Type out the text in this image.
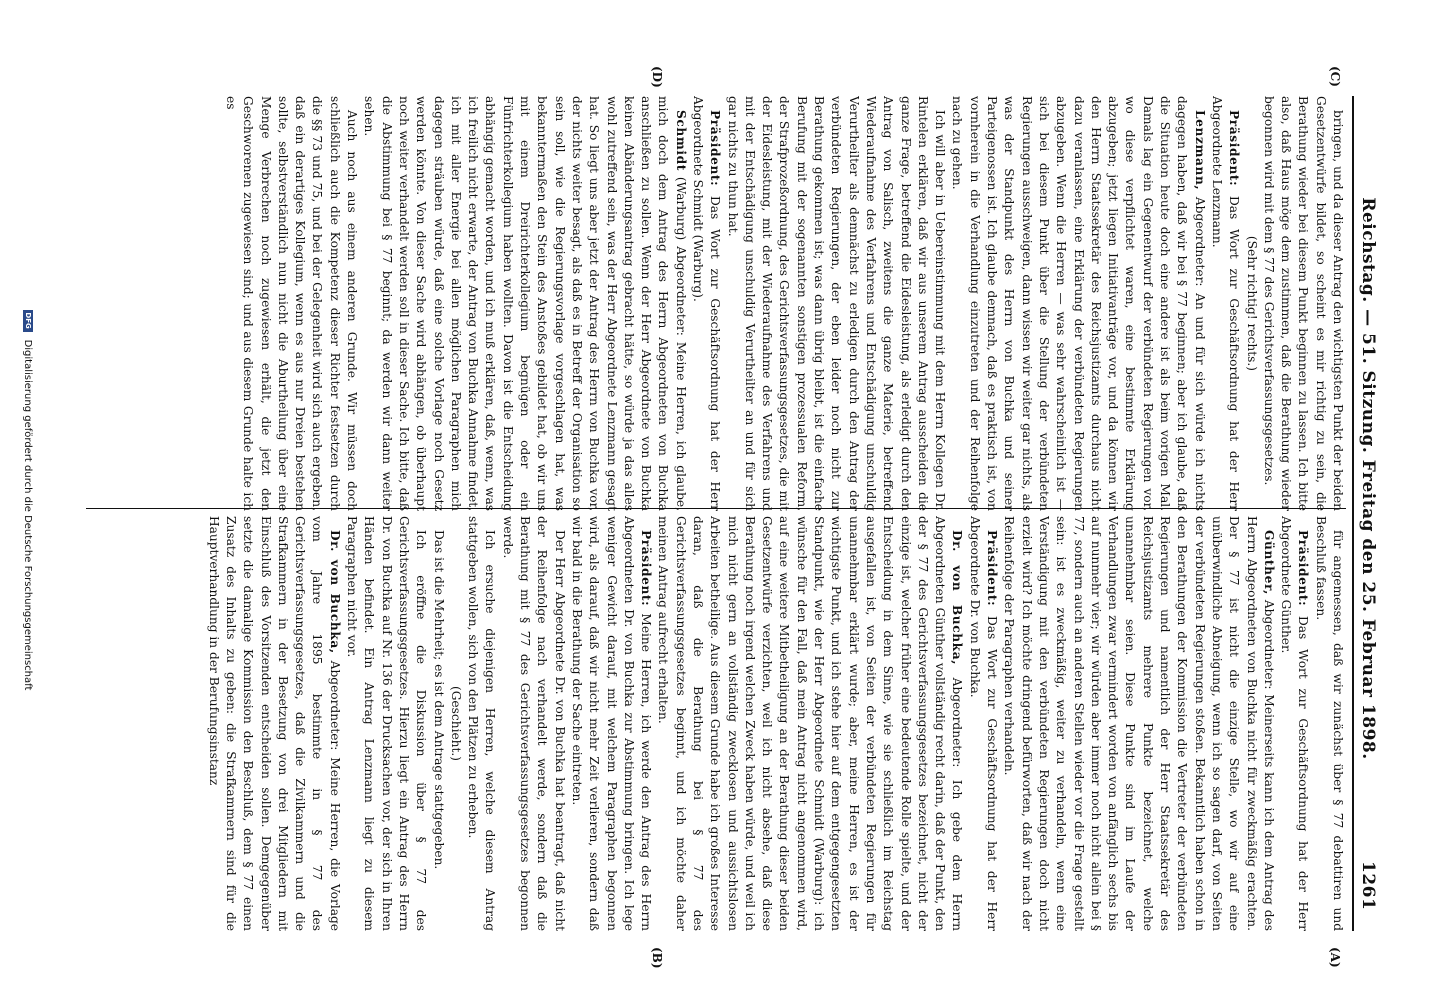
Reichstag. — 51. Sitzung. Freitag den 25. Februar 1898.
1261
(A)
(B)
(C)
(D)

bringen, und da dieser Antrag den wichtigsten Punkt der beiden Gesetzentwürfe bildet, so scheint es mir richtig zu sein, die Berathung wieder bei diesem Punkt beginnen zu lassen. Ich bitte also, daß Haus möge dem zustimmen, daß die Berathung wieder begonnen wird mit dem § 77 des Gerichtsverfassungsgesetzes.

(Sehr richtig! rechts.)

Präsident: Das Wort zur Geschäftsordnung hat der Herr Abgeordnete Lenzmann.

Lenzmann, Abgeordneter: An und für sich würde ich nichts dagegen haben, daß wir bei § 77 beginnen; aber ich glaube, daß die Situation heute doch eine andere ist als beim vorigen Mal. Damals lag ein Gegenentwurf der verbündeten Regierungen vor, wo diese verpflichtet waren, eine bestimmte Erklärung abzugeben; jetzt liegen Initiativanträge vor, und da können wir den Herrn Staatssekretär des Reichsjustizamts durchaus nicht dazu veranlassen, eine Erklärung der verbündeten Regierungen abzugeben. Wenn die Herren — was sehr wahrscheinlich ist — sich bei diesem Punkt über die Stellung der verbündeten Regierungen ausschweigen, dann wissen wir weiter gar nichts, als was der Standpunkt des Herrn von Buchka und seiner Parteigenossen ist. Ich glaube demnach, daß es praktisch ist, von vornherein in die Verhandlung einzutreten und der Reihenfolge nach zu gehen.

Ich will aber in Uebereinstimmung mit dem Herrn Kollegen Dr. Rintelen erklären, daß wir aus unserem Antrag ausscheiden die ganze Frage, betreffend die Eidesleistung, als erledigt durch den Antrag von Salisch, zweitens die ganze Materie, betreffend Wiederaufnahme des Verfahrens und Entschädigung unschuldig Verurtheilter als demnächst zu erledigen durch den Antrag der verbündeten Regierungen, der eben leider noch nicht zur Berathung gekommen ist; was dann übrig bleibt, ist die einfache Berufung mit der sogenannten sonstigen prozessualen Reform, der Strafprozeßordnung, des Gerichtsverfassungsgesetzes, die mit der Eidesleistung, mit der Wiederaufnahme des Verfahrens und mit der Entschädigung unschuldig Verurtheilter an und für sich gar nichts zu thun hat.

Präsident: Das Wort zur Geschäftsordnung hat der Herr Abgeordnete Schmidt (Warburg).

Schmidt (Warburg) Abgeordneter: Meine Herren, ich glaube, mich doch dem Antrag des Herrn Abgeordneten von Buchka anschließen zu sollen. Wenn der Herr Abgeordnete von Buchka keinen Abänderungsantrag gebracht hätte, so würde ja das alles wohl zutreffend sein, was der Herr Abgeordnete Lenzmann gesagt hat. So liegt uns aber jetzt der Antrag des Herrn von Buchka vor, der nichts weiter besagt, als daß es in Betreff der Organisation so sein soll, wie die Regierungsvorlage vorgeschlagen hat, was bekanntermaßen den Stein des Anstoßes gebildet hat, ob wir uns mit einem Dreirichterkollegium begnügen oder ein Fünfrichterkollegium haben wollten. Davon ist die Entscheidung abhängig gemacht worden, und ich muß erklären, daß, wenn, was ich freilich nicht erwarte, der Antrag von Buchka Annahme findet, ich mit aller Energie bei allen möglichen Paragraphen mich dagegen sträuben würde, daß eine solche Vorlage noch Gesetz werden könnte. Von dieser Sache wird abhängen, ob überhaupt noch weiter verhandelt werden soll in dieser Sache. Ich bitte, daß die Abstimmung bei § 77 beginnt; da werden wir dann weiter sehen.

Auch noch aus einem anderen Grunde. Wir müssen doch schließlich auch die Kompetenz dieser Richter festsetzen durch die §§ 73 und 75, und bei der Gelegenheit wird sich auch ergeben, daß ein derartiges Kollegium, wenn es aus nur Dreien bestehen sollte, selbstverständlich nun nicht die Aburtheilung über eine Menge Verbrechen noch zugewiesen erhält, die jetzt den Geschworenen zugewiesen sind; und aus diesem Grunde halte ich es

für angemessen, daß wir zunächst über § 77 debattiren und Beschluß fassen.

Präsident: Das Wort zur Geschäftsordnung hat der Herr Abgeordnete Günther.

Günther, Abgeordneter: Meinerseits kann ich dem Antrag des Herrn Abgeordneten von Buchka nicht für zweckmäßig erachten. Der § 77 ist nicht die einzige Stelle, wo wir auf eine unüberwindliche Abneigung, wenn ich so sagen darf, von Seiten der verbündeten Regierungen stoßen. Bekanntlich haben schon in den Berathungen der Kommission die Vertreter der verbündeten Regierungen und namentlich der Herr Staatssekretär des Reichsjustizamts mehrere Punkte bezeichnet, welche unannehmbar seien. Diese Punkte sind im Laufe der Verhandlungen zwar vermindert worden von anfänglich sechs bis auf nunmehr vier; wir würden aber immer noch nicht allein bei § 77, sondern auch an anderen Stellen wieder vor die Frage gestellt sein: ist es zweckmäßig, weiter zu verhandeln, wenn eine Verständigung mit den verbündeten Regierungen doch nicht erzielt wird? Ich möchte dringend befürworten, daß wir nach der Reihenfolge der Paragraphen verhandeln.

Präsident: Das Wort zur Geschäftsordnung hat der Herr Abgeordnete Dr. von Buchka.

Dr. von Buchka, Abgeordneter: Ich gebe dem Herrn Abgeordneten Günther vollständig recht darin, daß der Punkt, den der § 77 des Gerichtsverfassungsgesetzes bezeichnet, nicht der einzige ist, welcher früher eine bedeutende Rolle spielte, und der Entscheidung in dem Sinne, wie sie schließlich im Reichstag ausgefallen ist, von Seiten der verbündeten Regierungen für unannehmbar erklärt wurde; aber, meine Herren, es ist der wichtigste Punkt, und ich stehe hier auf dem entgegengesetzten Standpunkt, wie der Herr Abgeordnete Schmidt (Warburg): ich wünsche für den Fall, daß mein Antrag nicht angenommen wird, auf eine weitere Mitbetheiligung an der Berathung dieser beiden Gesetzentwürfe verzichten, weil ich nicht absehe, daß diese Berathung noch irgend welchen Zweck haben würde, und weil ich mich nicht gern an vollständig zwecklosen und aussichtslosen Arbeiten betheilige. Aus diesem Grunde habe ich großes Interesse daran, daß die Berathung bei § 77 des Gerichtsverfassungsgesetzes beginnt, und ich möchte daher meinen Antrag aufrecht erhalten.

Präsident: Meine Herren, ich werde den Antrag des Herrn Abgeordneten Dr. von Buchka zur Abstimmung bringen. Ich lege weniger Gewicht darauf, mit welchem Paragraphen begonnen wird, als darauf, daß wir nicht mehr Zeit verlieren, sondern daß wir bald in die Berathung der Sache eintreten.

Der Herr Abgeordnete Dr. von Buchka hat beantragt, daß nicht der Reihenfolge nach verhandelt werde, sondern daß die Berathung mit § 77 des Gerichtsverfassungsgesetzes begonnen werde.

Ich ersuche diejenigen Herren, welche diesem Antrag stattgeben wollen, sich von den Plätzen zu erheben.

(Geschieht.)

Das ist die Mehrheit; es ist dem Antrage stattgegeben.

Ich eröffne die Diskussion über § 77 des Gerichtsverfassungsgesetzes. Hierzu liegt ein Antrag des Herrn Dr. von Buchka auf Nr. 136 der Drucksachen vor, der sich in Ihren Händen befindet. Ein Antrag Lenzmann liegt zu diesem Paragraphen nicht vor.

Dr. von Buchka, Abgeordneter: Meine Herren, die Vorlage vom Jahre 1895 bestimmte in § 77 des Gerichtsverfassungsgesetzes, daß die Zivilkammern und die Strafkammern in der Besetzung von drei Mitgliedern mit Einschluß des Vorsitzenden entscheiden sollen. Demgegenüber setzte die damalige Kommission den Beschluß, dem § 77 einen Zusatz des Inhalts zu geben: die Strafkammern sind für die Hauptverhandlung in der Berufungsinstanz

DFG
Digitalisierung gefördert durch die Deutsche Forschungsgemeinschaft
